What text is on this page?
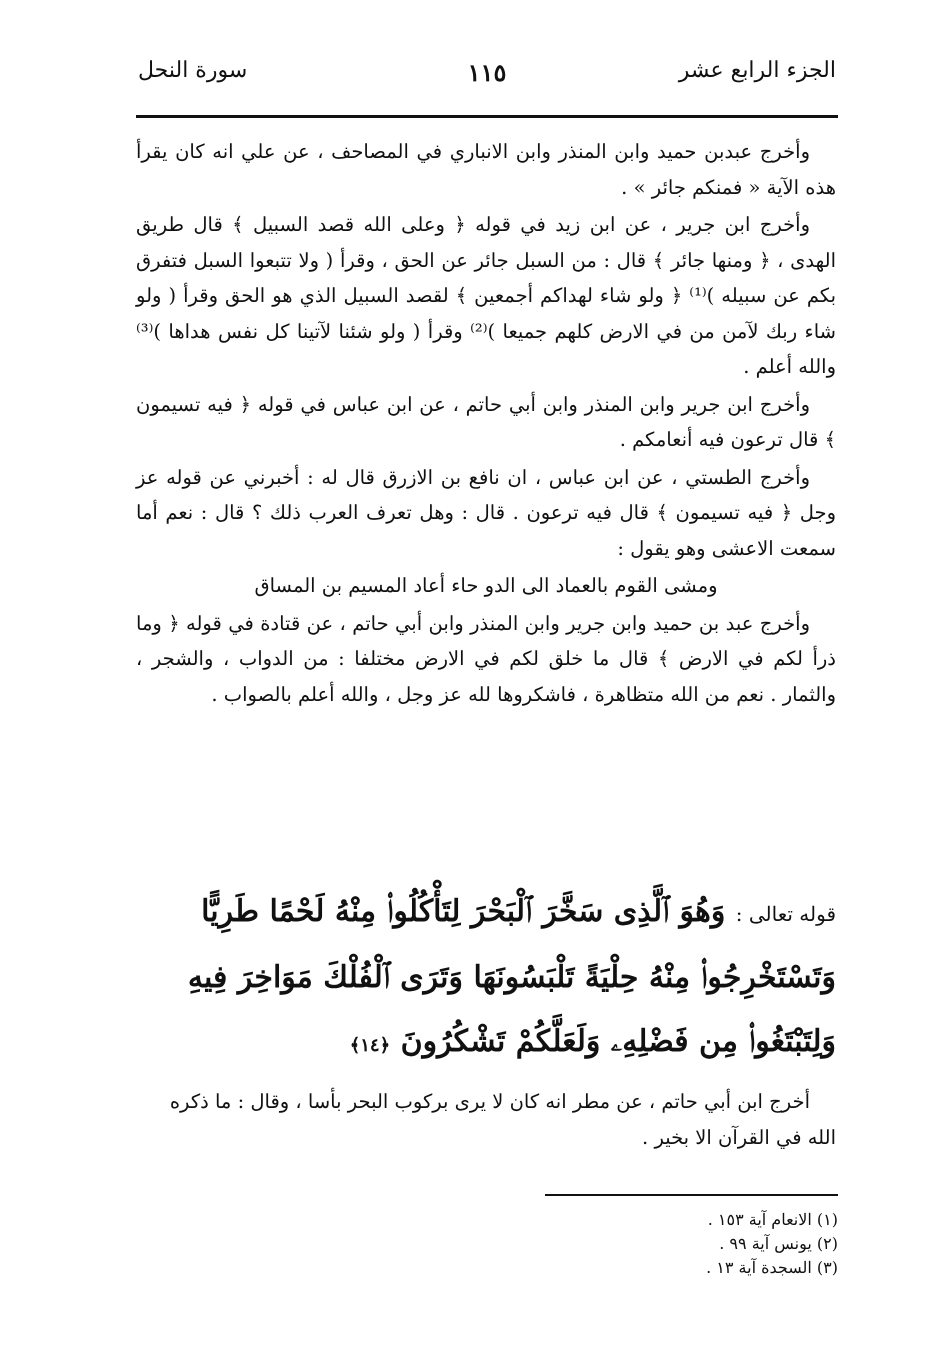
الجزء الرابع عشر
١١٥
سورة النحل

وأخرج عبدبن حميد وابن المنذر وابن الانباري في المصاحف ، عن علي انه كان يقرأ هذه الآية « فمنكم جائر » .

وأخرج ابن جرير ، عن ابن زيد في قوله ﴿ وعلى الله قصد السبيل ﴾ قال طريق الهدى ، ﴿ ومنها جائر ﴾ قال : من السبل جائر عن الحق ، وقرأ ( ولا تتبعوا السبل فتفرق بكم عن سبيله )⁽¹⁾ ﴿ ولو شاء لهداكم أجمعين ﴾ لقصد السبيل الذي هو الحق وقرأ ( ولو شاء ربك لآمن من في الارض كلهم جميعا )⁽²⁾ وقرأ ( ولو شئنا لآتينا كل نفس هداها )⁽³⁾ والله أعلم .

وأخرج ابن جرير وابن المنذر وابن أبي حاتم ، عن ابن عباس في قوله ﴿ فيه تسيمون ﴾ قال ترعون فيه أنعامكم .

وأخرج الطستي ، عن ابن عباس ، ان نافع بن الازرق قال له : أخبرني عن قوله عز وجل ﴿ فيه تسيمون ﴾ قال فيه ترعون . قال : وهل تعرف العرب ذلك ؟ قال : نعم أما سمعت الاعشى وهو يقول :

ومشى القوم بالعماد الى الدو حاء أعاد المسيم بن المساق

وأخرج عبد بن حميد وابن جرير وابن المنذر وابن أبي حاتم ، عن قتادة في قوله ﴿ وما ذرأ لكم في الارض ﴾ قال ما خلق لكم في الارض مختلفا : من الدواب ، والشجر ، والثمار . نعم من الله متظاهرة ، فاشكروها لله عز وجل ، والله أعلم بالصواب .

قوله تعالى : وَهُوَ ٱلَّذِى سَخَّرَ ٱلْبَحْرَ لِتَأْكُلُوا۟ مِنْهُ لَحْمًا طَرِيًّا وَتَسْتَخْرِجُوا۟ مِنْهُ حِلْيَةً تَلْبَسُونَهَا وَتَرَى ٱلْفُلْكَ مَوَاخِرَ فِيهِ وَلِتَبْتَغُوا۟ مِن فَضْلِهِۦ وَلَعَلَّكُمْ تَشْكُرُونَ ﴿١٤﴾

أخرج ابن أبي حاتم ، عن مطر انه كان لا يرى بركوب البحر بأسا ، وقال : ما ذكره الله في القرآن الا بخير .

(١) الانعام آية ١٥٣ .
(٢) يونس آية ٩٩ .
(٣) السجدة آية ١٣ .
